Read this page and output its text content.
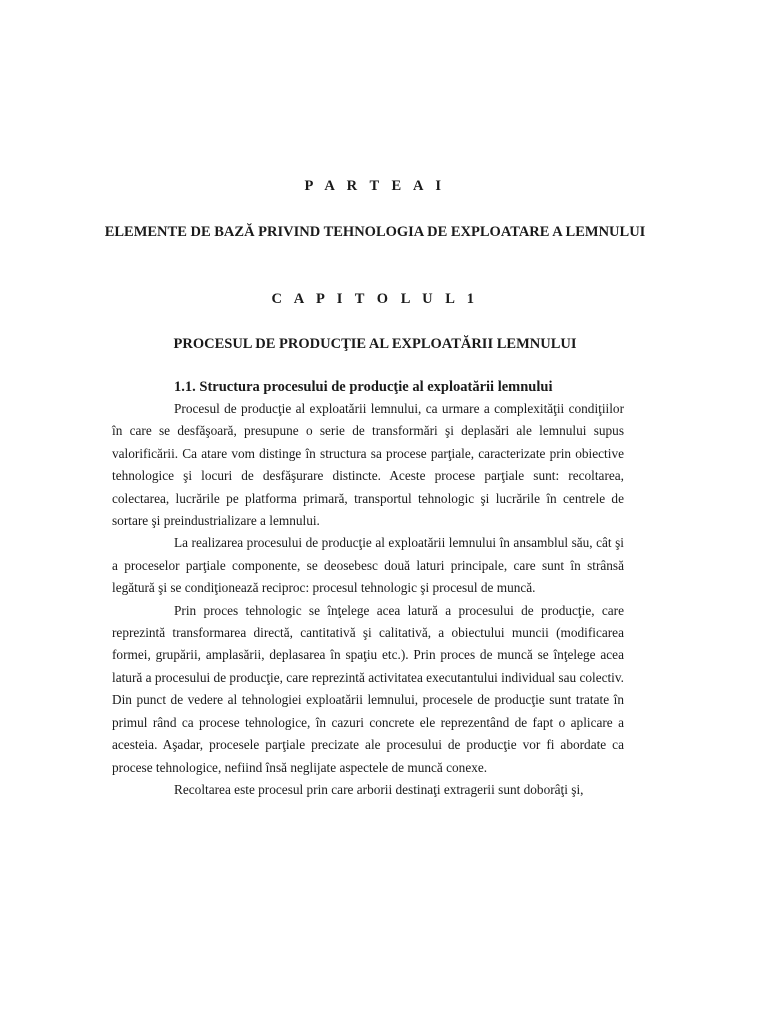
P A R T E A I
ELEMENTE DE BAZĂ PRIVIND TEHNOLOGIA DE EXPLOATARE A LEMNULUI
C A P I T O L U L 1
PROCESUL DE PRODUCŢIE AL EXPLOATĂRII LEMNULUI
1.1. Structura procesului de producţie al exploatării lemnului

Procesul de producţie al exploatării lemnului, ca urmare a complexităţii condiţiilor în care se desfăşoară, presupune o serie de transformări şi deplasări ale lemnului supus valorificării. Ca atare vom distinge în structura sa procese parţiale, caracterizate prin obiective tehnologice şi locuri de desfăşurare distincte. Aceste procese parţiale sunt: recoltarea, colectarea, lucrările pe platforma primară, transportul tehnologic şi lucrările în centrele de sortare şi preindustrializare a lemnului.

La realizarea procesului de producţie al exploatării lemnului în ansamblul său, cât şi a proceselor parţiale componente, se deosebesc două laturi principale, care sunt în strânsă legătură şi se condiţionează reciproc: procesul tehnologic şi procesul de muncă.

Prin proces tehnologic se înţelege acea latură a procesului de producţie, care reprezintă transformarea directă, cantitativă şi calitativă, a obiectului muncii (modificarea formei, grupării, amplasării, deplasarea în spaţiu etc.). Prin proces de muncă se înţelege acea latură a procesului de producţie, care reprezintă activitatea executantului individual sau colectiv. Din punct de vedere al tehnologiei exploatării lemnului, procesele de producţie sunt tratate în primul rând ca procese tehnologice, în cazuri concrete ele reprezentând de fapt o aplicare a acesteia. Aşadar, procesele parţiale precizate ale procesului de producţie vor fi abordate ca procese tehnologice, nefiind însă neglijate aspectele de muncă conexe.

Recoltarea este procesul prin care arborii destinaţi extragerii sunt doborâţi şi,
